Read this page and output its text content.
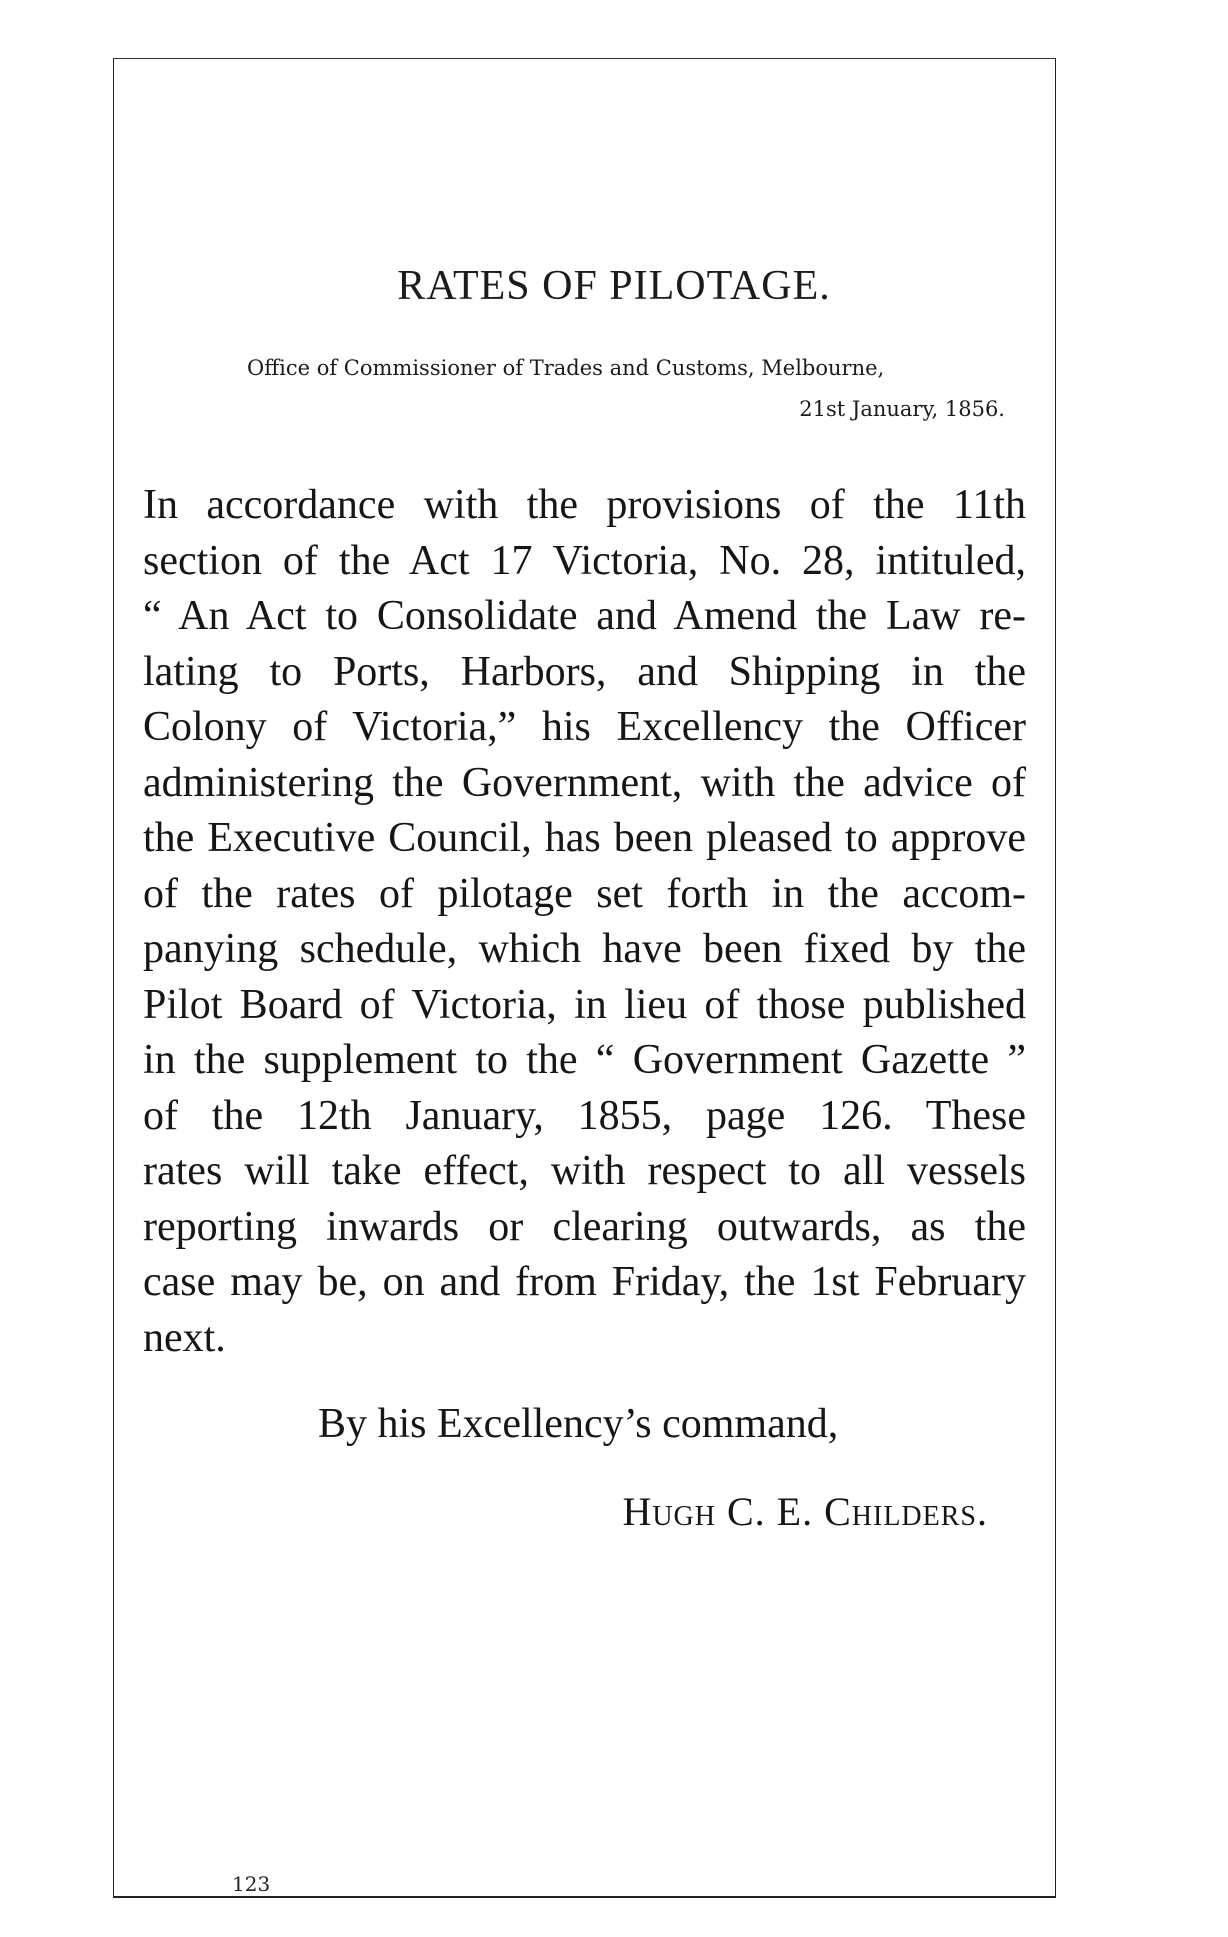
RATES OF PILOTAGE.
Office of Commissioner of Trades and Customs, Melbourne,
21st January, 1856.
In accordance with the provisions of the 11th
section of the Act 17 Victoria, No. 28, intituled,
“ An Act to Consolidate and Amend the Law re-
lating to Ports, Harbors, and Shipping in the
Colony of Victoria,” his Excellency the Officer
administering the Government, with the advice of
the Executive Council, has been pleased to approve
of the rates of pilotage set forth in the accom-
panying schedule, which have been fixed by the
Pilot Board of Victoria, in lieu of those published
in the supplement to the “ Government Gazette ”
of the 12th January, 1855, page 126. These
rates will take effect, with respect to all vessels
reporting inwards or clearing outwards, as the
case may be, on and from Friday, the 1st February
next.
By his Excellency’s command,
Hugh C. E. Childers.
123
